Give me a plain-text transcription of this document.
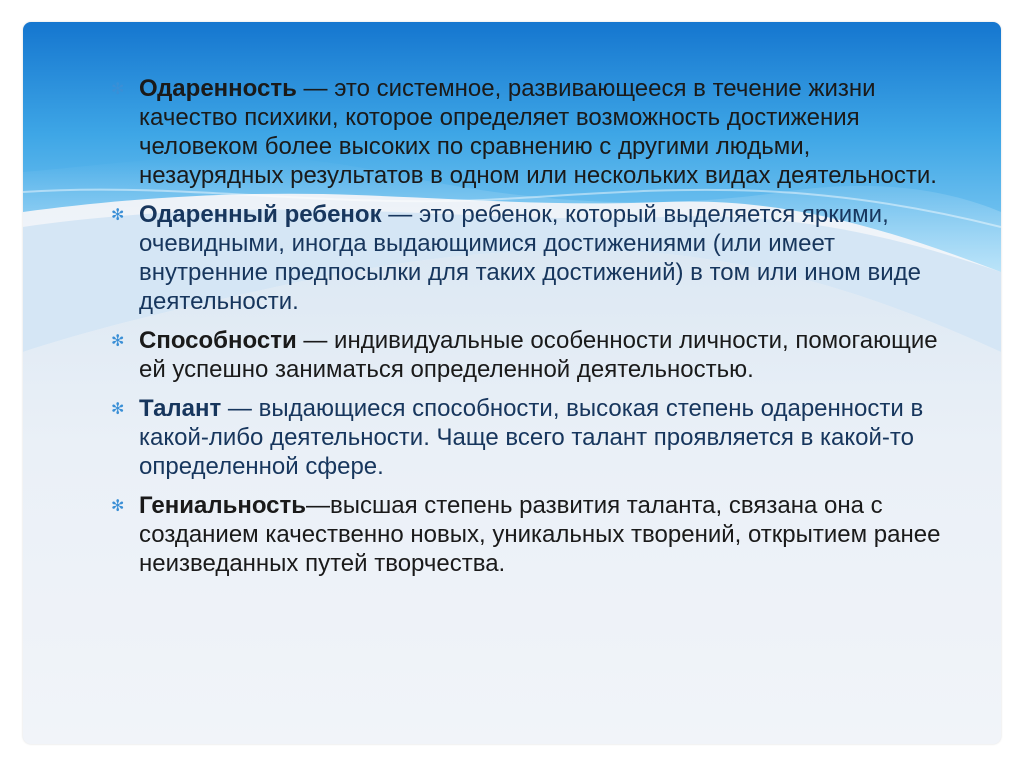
✻ Одаренность — это системное, развивающееся в течение жизни качество психики, которое определяет возможность достижения человеком более высоких по сравнению с другими людьми, незаурядных результатов в одном или нескольких видах деятельности.
✻ Одаренный ребенок — это ребенок, который выделяется яркими, очевидными, иногда выдающимися достижениями (или имеет внутренние предпосылки для таких достижений) в том или ином виде деятельности.
✻ Способности — индивидуальные особенности личности, помогающие ей успешно заниматься определенной деятельностью.
✻ Талант — выдающиеся способности, высокая степень одаренности в какой-либо деятельности. Чаще всего талант проявляется в какой-то определенной сфере.
✻ Гениальность—высшая степень развития таланта, связана она с созданием качественно новых, уникальных творений, открытием ранее неизведанных путей творчества.
